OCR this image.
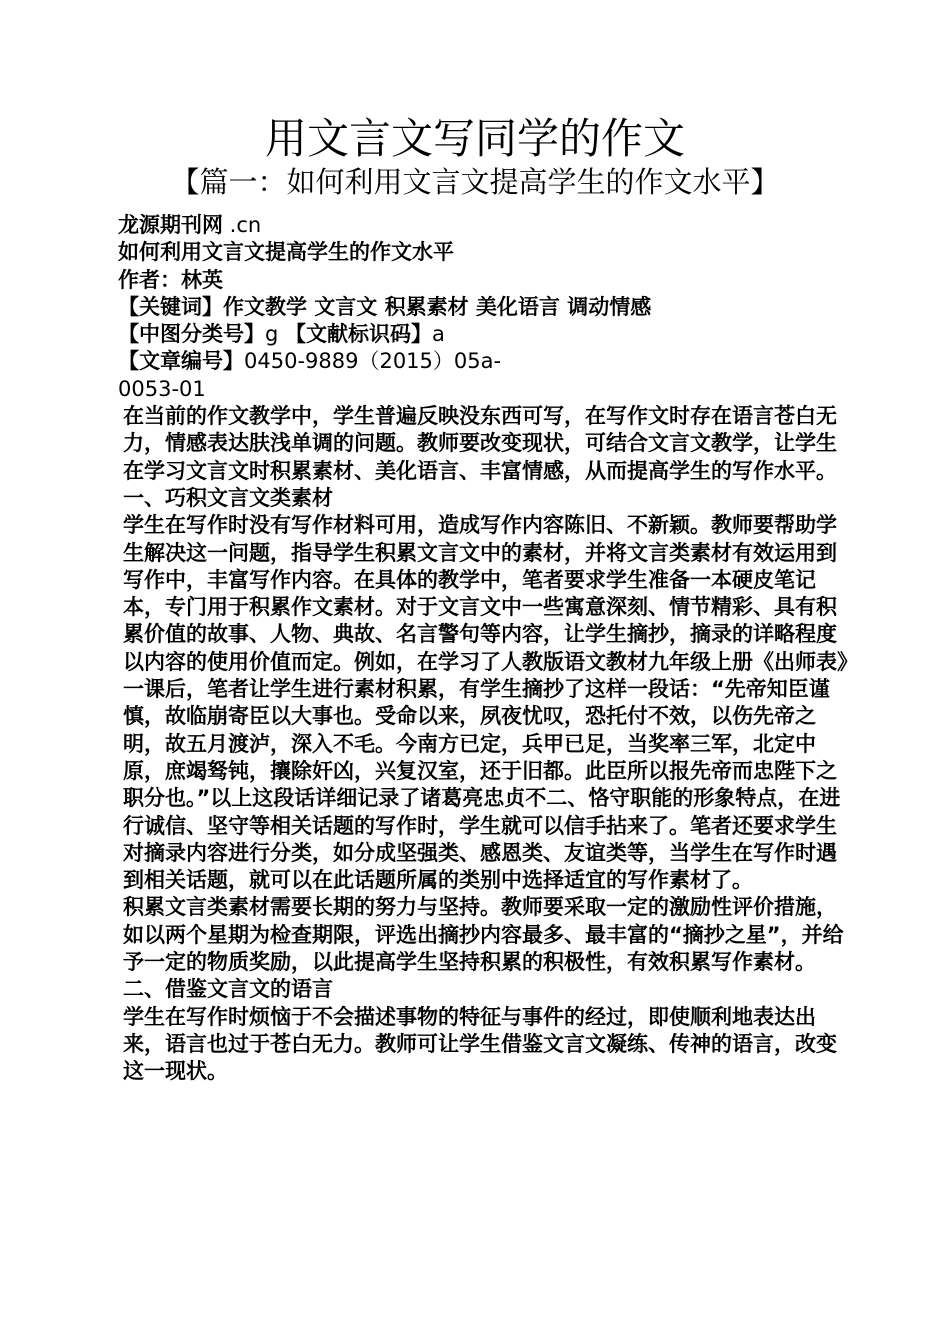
用文言文写同学的作文
【篇一：如何利用文言文提高学生的作文水平】

龙源期刊网 .cn

如何利用文言文提高学生的作文水平

作者：林英

【关键词】作文教学 文言文 积累素材 美化语言 调动情感

【中图分类号】g 【文献标识码】a

【文章编号】0450-9889（2015）05a-

0053-01

在当前的作文教学中，学生普遍反映没东西可写，在写作文时存在语言苍白无力，情感表达肤浅单调的问题。教师要改变现状，可结合文言文教学，让学生在学习文言文时积累素材、美化语言、丰富情感，从而提高学生的写作水平。

一、巧积文言文类素材

学生在写作时没有写作材料可用，造成写作内容陈旧、不新颖。教师要帮助学生解决这一问题，指导学生积累文言文中的素材，并将文言类素材有效运用到写作中，丰富写作内容。在具体的教学中，笔者要求学生准备一本硬皮笔记本，专门用于积累作文素材。对于文言文中一些寓意深刻、情节精彩、具有积累价值的故事、人物、典故、名言警句等内容，让学生摘抄，摘录的详略程度以内容的使用价值而定。例如，在学习了人教版语文教材九年级上册《出师表》一课后，笔者让学生进行素材积累，有学生摘抄了这样一段话：“先帝知臣谨慎，故临崩寄臣以大事也。受命以来，夙夜忧叹，恐托付不效，以伤先帝之明，故五月渡泸，深入不毛。今南方已定，兵甲已足，当奖率三军，北定中原，庶竭驽钝，攘除奸凶，兴复汉室，还于旧都。此臣所以报先帝而忠陛下之职分也。”以上这段话详细记录了诸葛亮忠贞不二、恪守职能的形象特点，在进行诚信、坚守等相关话题的写作时，学生就可以信手拈来了。笔者还要求学生对摘录内容进行分类，如分成坚强类、感恩类、友谊类等，当学生在写作时遇到相关话题，就可以在此话题所属的类别中选择适宜的写作素材了。

积累文言类素材需要长期的努力与坚持。教师要采取一定的激励性评价措施，如以两个星期为检查期限，评选出摘抄内容最多、最丰富的“摘抄之星”，并给予一定的物质奖励，以此提高学生坚持积累的积极性，有效积累写作素材。

二、借鉴文言文的语言

学生在写作时烦恼于不会描述事物的特征与事件的经过，即使顺利地表达出来，语言也过于苍白无力。教师可让学生借鉴文言文凝练、传神的语言，改变这一现状。
